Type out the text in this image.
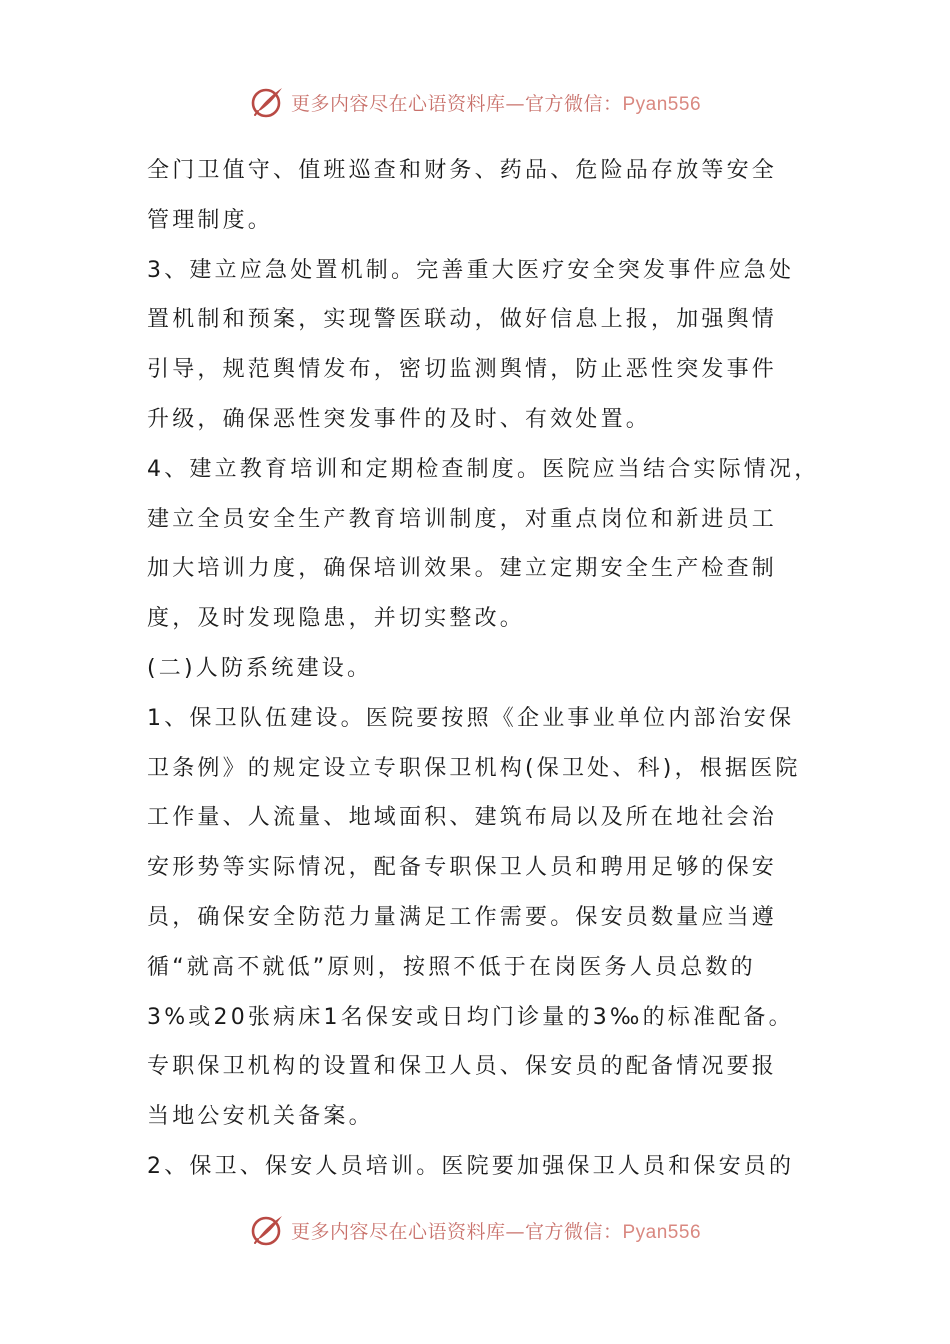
更多内容尽在心语资料库—官方微信：Pyan556
全门卫值守、值班巡查和财务、药品、危险品存放等安全
管理制度。
3、建立应急处置机制。完善重大医疗安全突发事件应急处
置机制和预案，实现警医联动，做好信息上报，加强舆情
引导，规范舆情发布，密切监测舆情，防止恶性突发事件
升级，确保恶性突发事件的及时、有效处置。
4、建立教育培训和定期检查制度。医院应当结合实际情况，
建立全员安全生产教育培训制度，对重点岗位和新进员工
加大培训力度，确保培训效果。建立定期安全生产检查制
度，及时发现隐患，并切实整改。
(二)人防系统建设。
1、保卫队伍建设。医院要按照《企业事业单位内部治安保
卫条例》的规定设立专职保卫机构(保卫处、科)，根据医院
工作量、人流量、地域面积、建筑布局以及所在地社会治
安形势等实际情况，配备专职保卫人员和聘用足够的保安
员，确保安全防范力量满足工作需要。保安员数量应当遵
循“就高不就低”原则，按照不低于在岗医务人员总数的
3%或20张病床1名保安或日均门诊量的3‰的标准配备。
专职保卫机构的设置和保卫人员、保安员的配备情况要报
当地公安机关备案。
2、保卫、保安人员培训。医院要加强保卫人员和保安员的
更多内容尽在心语资料库—官方微信：Pyan556
